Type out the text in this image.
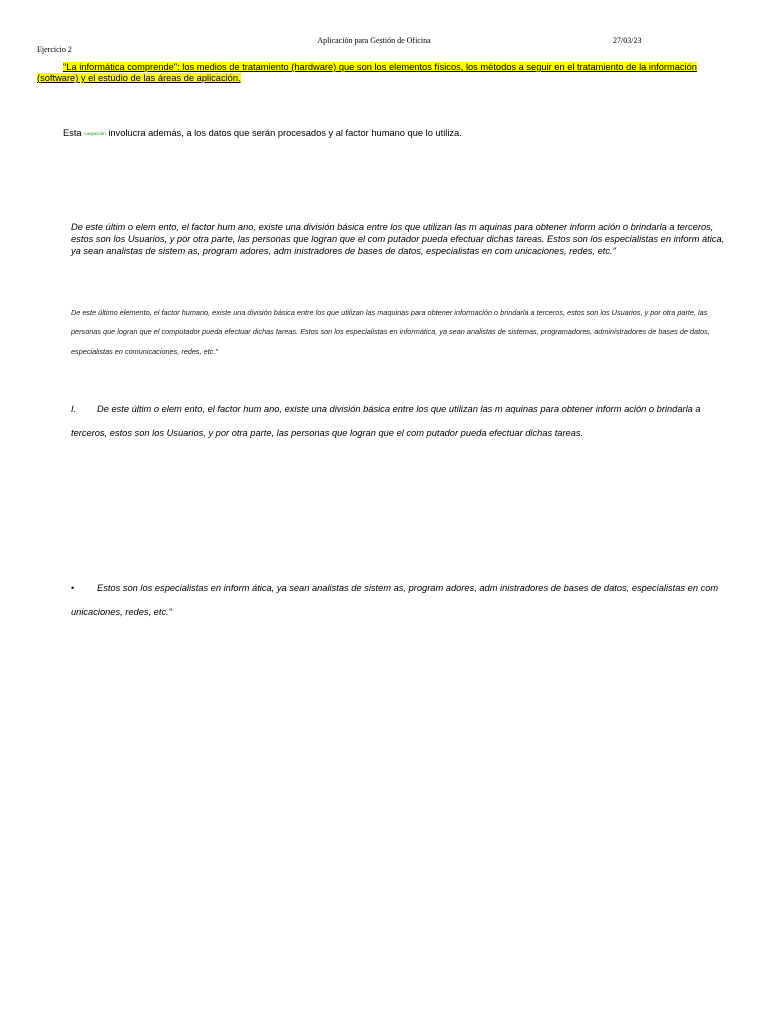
Aplicación para Gestión de Oficina	27/03/23
Ejercicio 2
"La informática comprende": los medios de tratamiento (hardware) que son los elementos físicos, los métodos a seguir en el tratamiento de la información (software) y el estudio de las áreas de aplicación.
Esta conjunción involucra además, a los datos que serán procesados y al factor humano que lo utiliza.
De este últim o elem ento, el factor hum ano, existe una división básica entre los que utilizan las m aquinas para obtener inform ación o brindarla a terceros, estos son los Usuarios, y por otra parte, las personas que logran que el com putador pueda efectuar dichas tareas. Estos son los especialistas en inform ática, ya sean analistas de sistem as, program adores, adm inistradores de bases de datos, especialistas en com unicaciones, redes, etc."
De este último elemento, el factor humano, existe una división básica entre los que utilizan las maquinas para obtener información o brindarla a terceros, estos son los Usuarios, y por otra parte, las personas que logran que el computador pueda efectuar dichas tareas. Estos son los especialistas en informática, ya sean analistas de sistemas, programadores, administradores de bases de datos, especialistas en comunicaciones, redes, etc."
I. De este últim o elem ento, el factor hum ano, existe una división básica entre los que utilizan las m aquinas para obtener inform ación o brindarla a terceros, estos son los Usuarios, y por otra parte, las personas que logran que el com putador pueda efectuar dichas tareas.
• Estos son los especialistas en inform ática, ya sean analistas de sistem as, program adores, adm inistradores de bases de datos, especialistas en com unicaciones, redes, etc."
